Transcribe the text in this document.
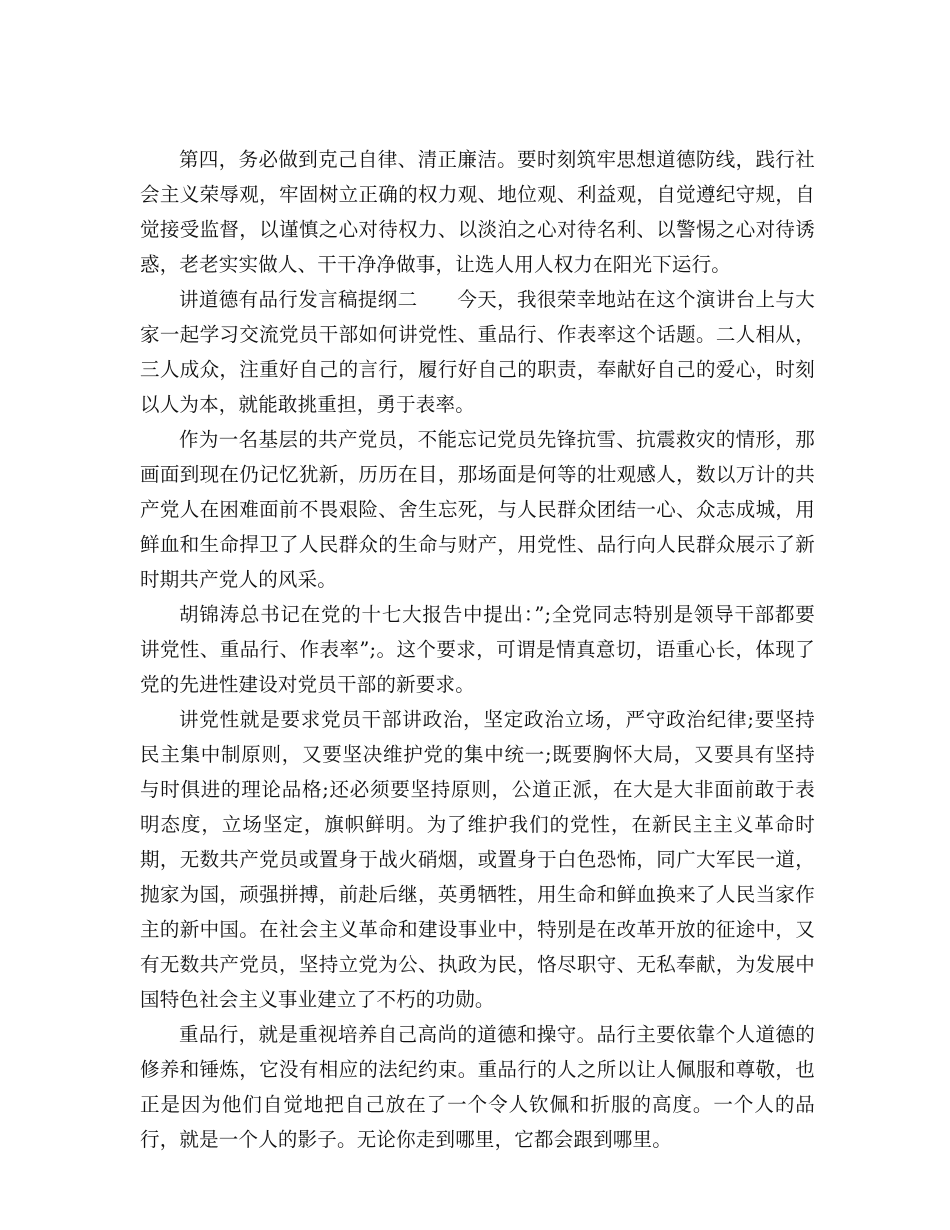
第四，务必做到克己自律、清正廉洁。要时刻筑牢思想道德防线，践行社会主义荣辱观，牢固树立正确的权力观、地位观、利益观，自觉遵纪守规，自觉接受监督，以谨慎之心对待权力、以淡泊之心对待名利、以警惕之心对待诱惑，老老实实做人、干干净净做事，让选人用人权力在阳光下运行。

讲道德有品行发言稿提纲二　　今天，我很荣幸地站在这个演讲台上与大家一起学习交流党员干部如何讲党性、重品行、作表率这个话题。二人相从，三人成众，注重好自己的言行，履行好自己的职责，奉献好自己的爱心，时刻以人为本，就能敢挑重担，勇于表率。

作为一名基层的共产党员，不能忘记党员先锋抗雪、抗震救灾的情形，那画面到现在仍记忆犹新，历历在目，那场面是何等的壮观感人，数以万计的共产党人在困难面前不畏艰险、舍生忘死，与人民群众团结一心、众志成城，用鲜血和生命捍卫了人民群众的生命与财产，用党性、品行向人民群众展示了新时期共产党人的风采。

胡锦涛总书记在党的十七大报告中提出：”;全党同志特别是领导干部都要讲党性、重品行、作表率”;。这个要求，可谓是情真意切，语重心长，体现了党的先进性建设对党员干部的新要求。

讲党性就是要求党员干部讲政治，坚定政治立场，严守政治纪律;要坚持民主集中制原则，又要坚决维护党的集中统一;既要胸怀大局，又要具有坚持与时俱进的理论品格;还必须要坚持原则，公道正派，在大是大非面前敢于表明态度，立场坚定，旗帜鲜明。为了维护我们的党性，在新民主主义革命时期，无数共产党员或置身于战火硝烟，或置身于白色恐怖，同广大军民一道，抛家为国，顽强拼搏，前赴后继，英勇牺牲，用生命和鲜血换来了人民当家作主的新中国。在社会主义革命和建设事业中，特别是在改革开放的征途中，又有无数共产党员，坚持立党为公、执政为民，恪尽职守、无私奉献，为发展中国特色社会主义事业建立了不朽的功勋。

重品行，就是重视培养自己高尚的道德和操守。品行主要依靠个人道德的修养和锤炼，它没有相应的法纪约束。重品行的人之所以让人佩服和尊敬，也正是因为他们自觉地把自己放在了一个令人钦佩和折服的高度。一个人的品行，就是一个人的影子。无论你走到哪里，它都会跟到哪里。
